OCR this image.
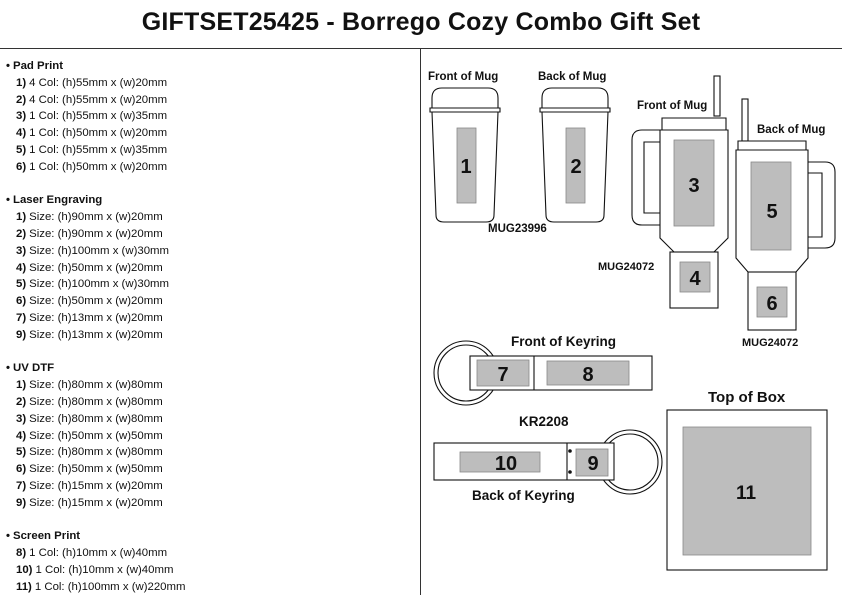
GIFTSET25425 - Borrego Cozy Combo Gift Set
• Pad Print
1) 4 Col: (h)55mm x (w)20mm
2) 4 Col: (h)55mm x (w)20mm
3) 1 Col: (h)55mm x (w)35mm
4) 1 Col: (h)50mm x (w)20mm
5) 1 Col: (h)55mm x (w)35mm
6) 1 Col: (h)50mm x (w)20mm
• Laser Engraving
1) Size: (h)90mm x (w)20mm
2) Size: (h)90mm x (w)20mm
3) Size: (h)100mm x (w)30mm
4) Size: (h)50mm x (w)20mm
5) Size: (h)100mm x (w)30mm
6) Size: (h)50mm x (w)20mm
7) Size: (h)13mm x (w)20mm
9) Size: (h)13mm x (w)20mm
• UV DTF
1) Size: (h)80mm x (w)80mm
2) Size: (h)80mm x (w)80mm
3) Size: (h)80mm x (w)80mm
4) Size: (h)50mm x (w)50mm
5) Size: (h)80mm x (w)80mm
6) Size: (h)50mm x (w)50mm
7) Size: (h)15mm x (w)20mm
9) Size: (h)15mm x (w)20mm
• Screen Print
8) 1 Col: (h)10mm x (w)40mm
10) 1 Col: (h)10mm x (w)40mm
11) 1 Col: (h)100mm x (w)220mm
Front of Mug
1
Back of Mug
2
MUG23996
Front of Mug
3
4
MUG24072
Back of Mug
5
6
MUG24072
Front of Keyring
7	8
KR2208
10	9
Back of Keyring
Top of Box
11
